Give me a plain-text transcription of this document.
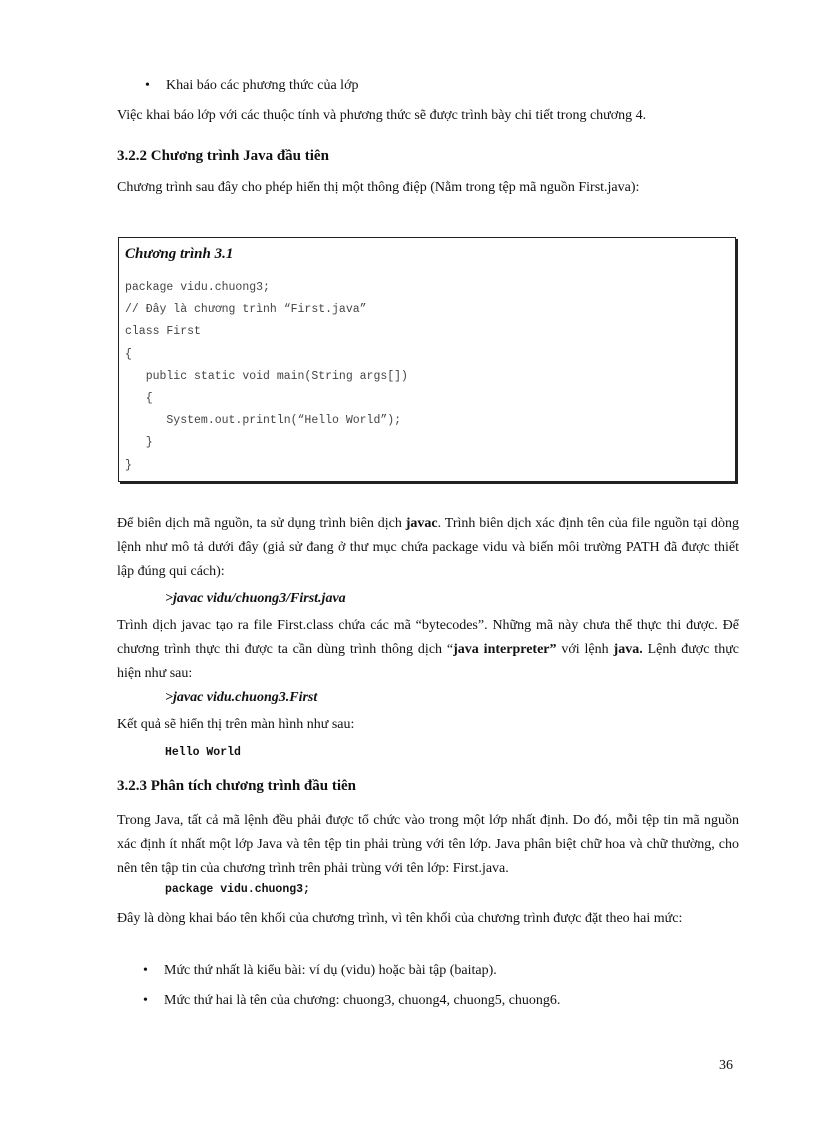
• Khai báo các phương thức của lớp

Việc khai báo lớp với các thuộc tính và phương thức sẽ được trình bày chi tiết trong chương 4.

3.2.2 Chương trình Java đầu tiên

Chương trình sau đây cho phép hiển thị một thông điệp (Nằm trong tệp mã nguồn First.java):

Chương trình 3.1
package vidu.chuong3;
// Đây là chương trình “First.java”
class First
{
public static void main(String args[])
{
System.out.println(“Hello World”);
}
}

Để biên dịch mã nguồn, ta sử dụng trình biên dịch javac. Trình biên dịch xác định tên của file nguồn tại dòng lệnh như mô tả dưới đây (giả sử đang ở thư mục chứa package vidu và biến môi trường PATH đã được thiết lập đúng qui cách):

>javac vidu/chuong3/First.java

Trình dịch javac tạo ra file First.class chứa các mã “bytecodes”. Những mã này chưa thể thực thi được. Để chương trình thực thi được ta cần dùng trình thông dịch “java interpreter” với lệnh java. Lệnh được thực hiện như sau:

>javac vidu.chuong3.First

Kết quả sẽ hiển thị trên màn hình như sau:

Hello World
3.2.3 Phân tích chương trình đầu tiên

Trong Java, tất cả mã lệnh đều phải được tổ chức vào trong một lớp nhất định. Do đó, mỗi tệp tin mã nguồn xác định ít nhất một lớp Java và tên tệp tin phải trùng với tên lớp. Java phân biệt chữ hoa và chữ thường, cho nên tên tập tin của chương trình trên phải trùng với tên lớp: First.java.

package vidu.chuong3;

Đây là dòng khai báo tên khối của chương trình, vì tên khối của chương trình được đặt theo hai mức:

• Mức thứ nhất là kiểu bài: ví dụ (vidu) hoặc bài tập (baitap).
• Mức thứ hai là tên của chương: chuong3, chuong4, chuong5, chuong6.
36
